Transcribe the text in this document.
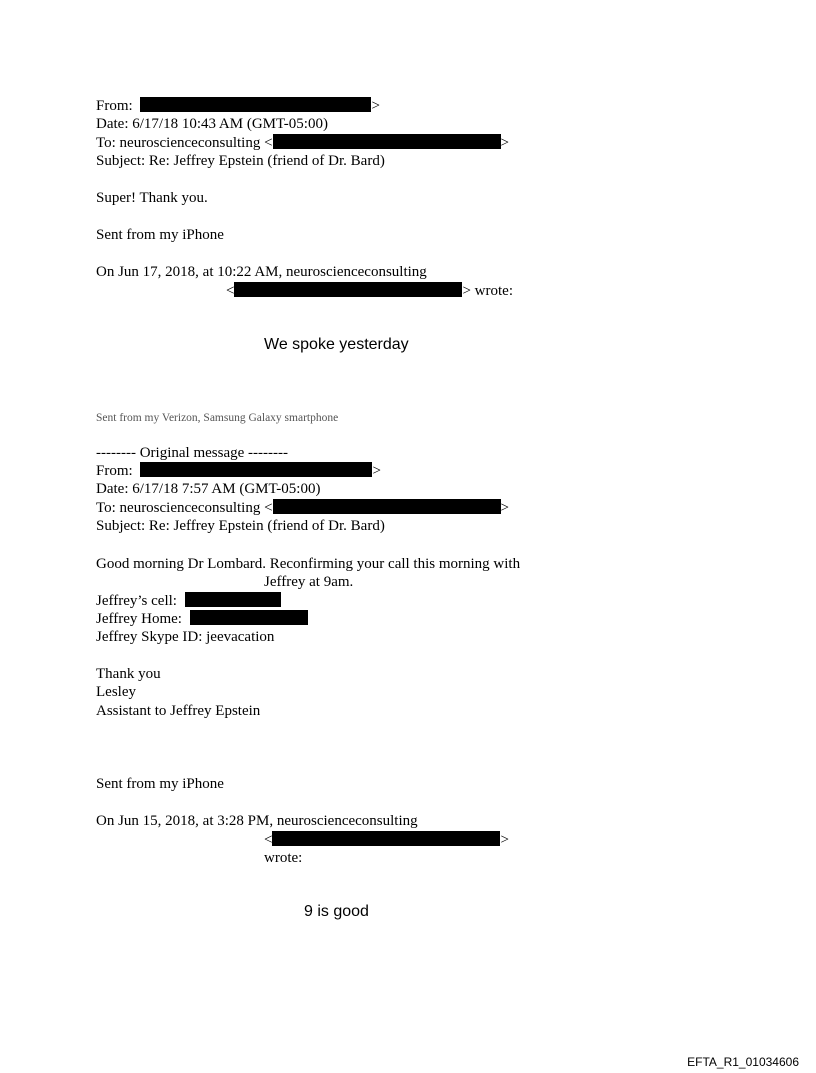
From:	>
Date: 6/17/18 10:43 AM (GMT-05:00)
To: neuroscienceconsulting <	>
Subject: Re: Jeffrey Epstein (friend of Dr. Bard)
Super! Thank you.
Sent from my iPhone
On Jun 17, 2018, at 10:22 AM, neuroscienceconsulting
<	> wrote:
We spoke yesterday
Sent from my Verizon, Samsung Galaxy smartphone
-------- Original message --------
From:	>
Date: 6/17/18 7:57 AM (GMT-05:00)
To: neuroscienceconsulting <	>
Subject: Re: Jeffrey Epstein (friend of Dr. Bard)
Good morning Dr Lombard. Reconfirming your call this morning with
Jeffrey at 9am.
Jeffrey’s cell:
Jeffrey Home:
Jeffrey Skype ID: jeevacation
Thank you
Lesley
Assistant to Jeffrey Epstein
Sent from my iPhone
On Jun 15, 2018, at 3:28 PM, neuroscienceconsulting
<	>
wrote:
9 is good
EFTA_R1_01034606
